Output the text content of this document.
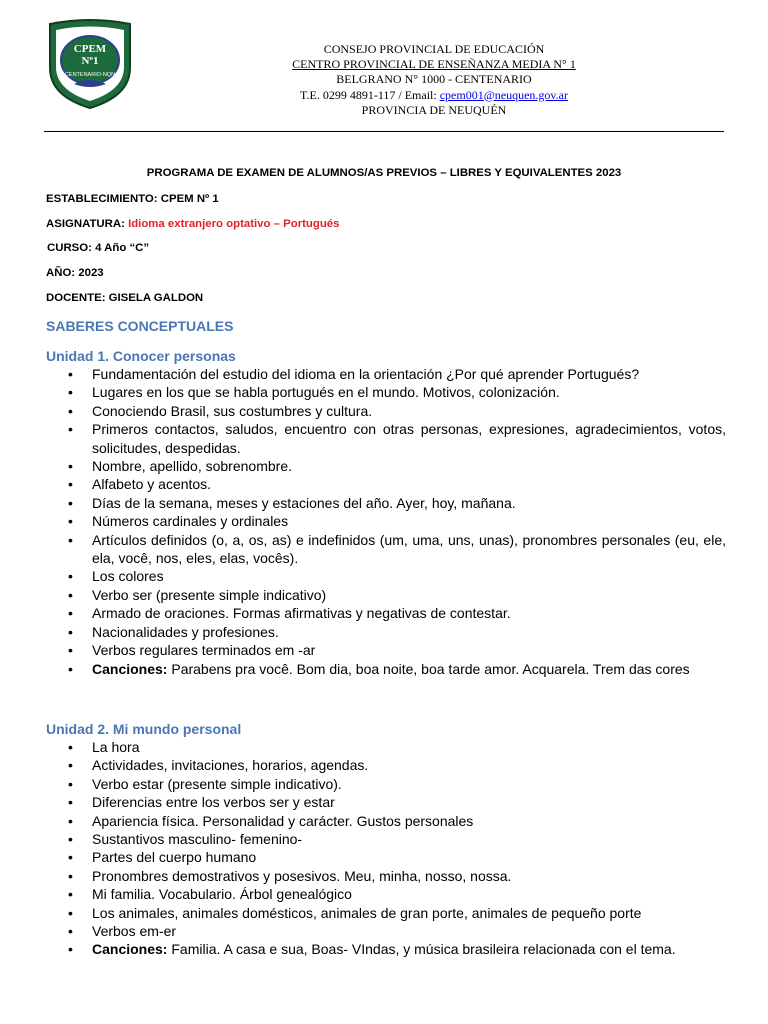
CPEM
Nº1
CENTENARIO-NQN
CONSEJO PROVINCIAL DE EDUCACIÓN
CENTRO PROVINCIAL DE ENSEÑANZA MEDIA N° 1
BELGRANO N° 1000 - CENTENARIO
T.E. 0299 4891-117 / Email: cpem001@neuquen.gov.ar
PROVINCIA DE NEUQUÉN
PROGRAMA DE EXAMEN DE ALUMNOS/AS PREVIOS – LIBRES Y EQUIVALENTES 2023
ESTABLECIMIENTO: CPEM Nº 1
ASIGNATURA: Idioma extranjero optativo – Portugués
CURSO: 4 Año “C”
AÑO: 2023
DOCENTE: GISELA GALDON
SABERES CONCEPTUALES
Unidad 1. Conocer personas
• Fundamentación del estudio del idioma en la orientación ¿Por qué aprender Portugués?
• Lugares en los que se habla portugués en el mundo. Motivos, colonización.
• Conociendo Brasil, sus costumbres y cultura.
• Primeros contactos, saludos, encuentro con otras personas, expresiones, agradecimientos, votos, solicitudes, despedidas.
• Nombre, apellido, sobrenombre.
• Alfabeto y acentos.
• Días de la semana, meses y estaciones del año. Ayer, hoy, mañana.
• Números cardinales y ordinales
• Artículos definidos (o, a, os, as) e indefinidos (um, uma, uns, unas), pronombres personales (eu, ele, ela, você, nos, eles, elas, vocês).
• Los colores
• Verbo ser (presente simple indicativo)
• Armado de oraciones. Formas afirmativas y negativas de contestar.
• Nacionalidades y profesiones.
• Verbos regulares terminados em -ar
• Canciones: Parabens pra você. Bom dia, boa noite, boa tarde amor. Acquarela. Trem das cores
Unidad 2. Mi mundo personal
• La hora
• Actividades, invitaciones, horarios, agendas.
• Verbo estar (presente simple indicativo).
• Diferencias entre los verbos ser y estar
• Apariencia física. Personalidad y carácter. Gustos personales
• Sustantivos masculino- femenino-
• Partes del cuerpo humano
• Pronombres demostrativos y posesivos. Meu, minha, nosso, nossa.
• Mi familia. Vocabulario. Árbol genealógico
• Los animales, animales domésticos, animales de gran porte, animales de pequeño porte
• Verbos em-er
• Canciones: Familia. A casa e sua, Boas- VIndas, y música brasileira relacionada con el tema.
